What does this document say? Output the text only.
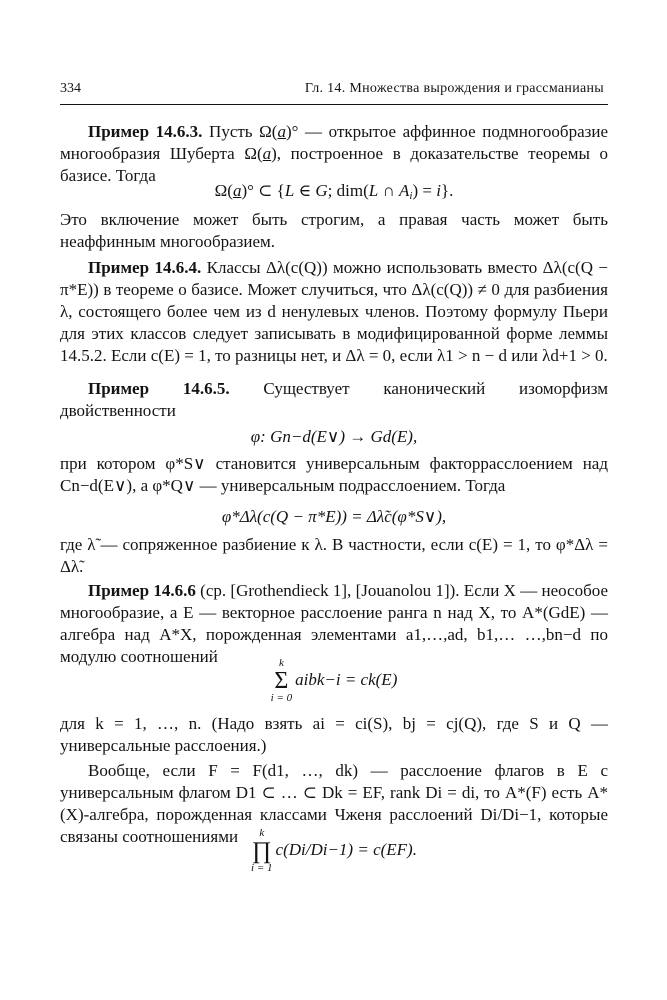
334	Гл. 14. Множества вырождения и грассманианы

Пример 14.6.3. Пусть Ω(a)° — открытое аффинное подмногообразие многообразия Шуберта Ω(a), построенное в доказательстве теоремы о базисе. Тогда

Ω(a)° ⊂ {L ∈ G; dim(L ∩ $A_i) = i$}.

Это включение может быть строгим, а правая часть может быть неаффинным многообразием.

Пример 14.6.4. Классы Δλ(c(Q)) можно использовать вместо Δλ(c(Q − π*E)) в теореме о базисе. Может случиться, что Δλ(c(Q)) ≠ 0 для разбиения λ, состоящего более чем из d ненулевых членов. Поэтому формулу Пьери для этих классов следует записывать в модифицированной форме леммы 14.5.2. Если c(E) = 1, то разницы нет, и Δλ = 0, если λ1 > n − d или λd+1 > 0.

Пример 14.6.5. Существует канонический изоморфизм двойственности

φ: Gn−d(E∨) → Gd(E),

при котором φ*S∨ становится универсальным факторрасслоением над Cn−d(E∨), а φ*Q∨ — универсальным подрасслоением. Тогда

φ*Δλ(c(Q − π*E)) = Δλ̃c(φ*S∨),

где λ̃ — сопряженное разбиение к λ. В частности, если c(E) = 1, то φ*Δλ = Δλ̃.

Пример 14.6.6 (ср. [Grothendieck 1], [Jouanolou 1]). Если X — неособое многообразие, а E — векторное расслоение ранга n над X, то A*(GdE) — алгебра над A*X, порожденная элементами a1,…,ad, b1,… …,bn−d по модулю соотношений	k
Σ
i = 0
aibk−i = ck(E)

для k = 1, …, n. (Надо взять ai = ci(S), bj = cj(Q), где S и Q — универсальные расслоения.)

Вообще, если F = F(d1, …, dk) — расслоение флагов в E с универсальным флагом D1 ⊂ … ⊂ Dk = EF, rank Di = di, то A*(F) есть A*(X)-алгебра, порожденная классами Чженя расслоений Di/Di−1, которые связаны соотношениями	k
∏
i = 1
c(Di/Di−1) = c(EF).
